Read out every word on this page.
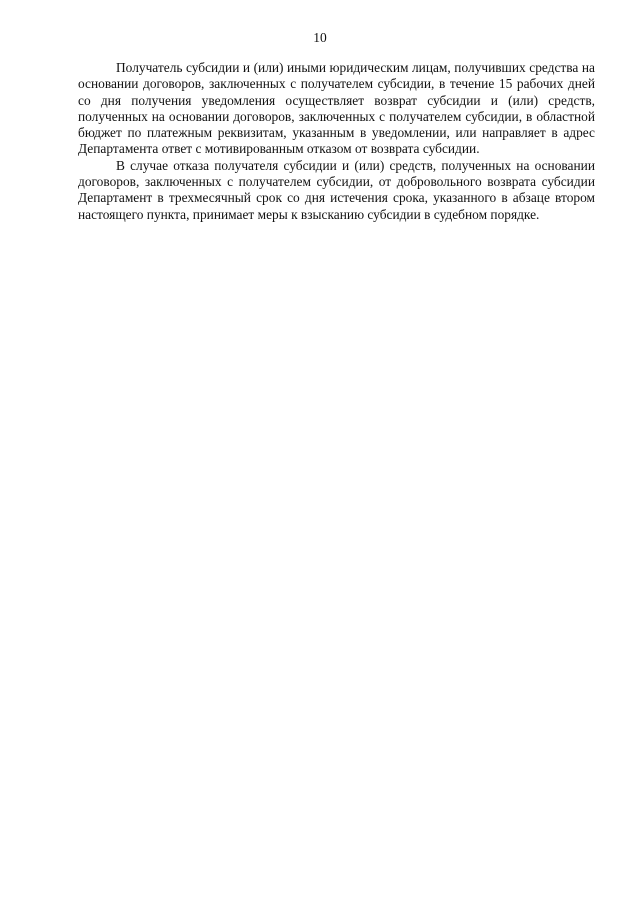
10

Получатель субсидии и (или) иными юридическим лицам, получивших средства на основании договоров, заключенных с получателем субсидии, в течение 15 рабочих дней со дня получения уведомления осуществляет возврат субсидии и (или) средств, полученных на основании договоров, заключенных с получателем субсидии, в областной бюджет по платежным реквизитам, указанным в уведомлении, или направляет в адрес Департамента ответ с мотивированным отказом от возврата субсидии.

В случае отказа получателя субсидии и (или) средств, полученных на основании договоров, заключенных с получателем субсидии, от добровольного возврата субсидии Департамент в трехмесячный срок со дня истечения срока, указанного в абзаце втором настоящего пункта, принимает меры к взысканию субсидии в судебном порядке.
